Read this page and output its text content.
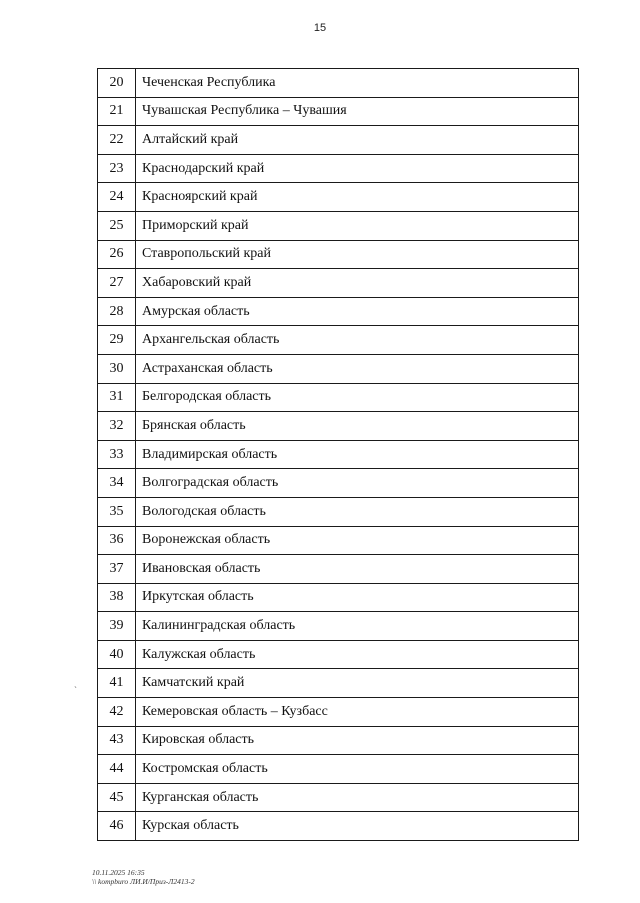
15
20	Чеченская Республика
21	Чувашская Республика – Чувашия
22	Алтайский край
23	Краснодарский край
24	Красноярский край
25	Приморский край
26	Ставропольский край
27	Хабаровский край
28	Амурская область
29	Архангельская область
30	Астраханская область
31	Белгородская область
32	Брянская область
33	Владимирская область
34	Волгоградская область
35	Вологодская область
36	Воронежская область
37	Ивановская область
38	Иркутская область
39	Калининградская область
40	Калужская область
41	Камчатский край
42	Кемеровская область – Кузбасс
43	Кировская область
44	Костромская область
45	Курганская область
46	Курская область
`
10.11.2025 16:35
\\ kompburo ЛИ.И/Приз-Л2413-2
